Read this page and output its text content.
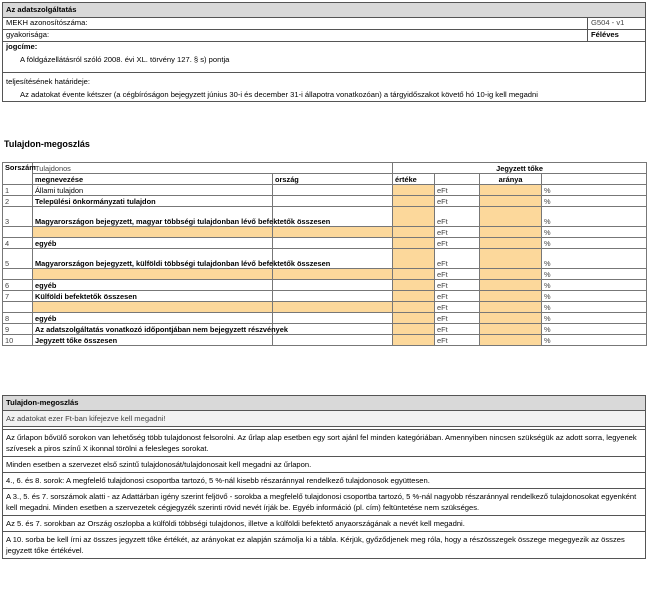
Az adatszolgáltatás
MEKH azonosítószáma:	G504 - v1
gyakorisága:	Féléves
jogcíme:
A földgázellátásról szóló 2008. évi XL. törvény 127. § s) pontja
teljesítésének határideje:
Az adatokat évente kétszer (a cégbíróságon bejegyzett június 30-i és december 31-i állapotra vonatkozóan) a tárgyidőszakot követő hó 10-ig kell megadni
Tulajdon-megoszlás
Sorszám	Tulajdonos		Jegyzett tőke			
	megnevezése	ország	értéke		aránya	
1	Állami tulajdon			eFt		%
2	Települési önkormányzati tulajdon			eFt		%
3	Magyarországon bejegyzett, magyar többségi tulajdonban lévő befektetők összesen			eFt		%
				eFt		%
4	egyéb			eFt		%
5	Magyarországon bejegyzett, külföldi többségi tulajdonban lévő befektetők összesen			eFt		%
				eFt		%
6	egyéb			eFt		%
7	Külföldi befektetők összesen			eFt		%
				eFt		%
8	egyéb			eFt		%
9	Az adatszolgáltatás vonatkozó időpontjában nem bejegyzett részvények			eFt		%
10	Jegyzett tőke összesen			eFt		%
Tulajdon-megoszlás
Az adatokat ezer Ft-ban kifejezve kell megadni!
Az űrlapon bővülő sorokon van lehetőség több tulajdonost felsorolni. Az űrlap alap esetben egy sort ajánl fel minden kategóriában. Amennyiben nincsen szükségük az adott sorra, legyenek szívesek a piros színű X ikonnal törölni a felesleges sorokat.
Minden esetben a szervezet első szintű tulajdonosát/tulajdonosait kell megadni az űrlapon.
4., 6. és 8. sorok: A megfelelő tulajdonosi csoportba tartozó, 5 %-nál kisebb részaránnyal rendelkező tulajdonosok együttesen.
A 3., 5. és 7. sorszámok alatti - az Adattárban igény szerint feljövő - sorokba a megfelelő tulajdonosi csoportba tartozó, 5 %-nál nagyobb részaránnyal rendelkező tulajdonosokat egyenként kell megadni. Minden esetben a szervezetek cégjegyzék szerinti rövid nevét írják be. Egyéb információ (pl. cím) feltüntetése nem szükséges.
Az 5. és 7. sorokban az Ország oszlopba a külföldi többségi tulajdonos, illetve a külföldi befektető anyaországának a nevét kell megadni.
A 10. sorba be kell írni az összes jegyzett tőke értékét, az arányokat ez alapján számolja ki a tábla. Kérjük, győződjenek meg róla, hogy a részösszegek összege megegyezik az összes jegyzett tőke értékével.
